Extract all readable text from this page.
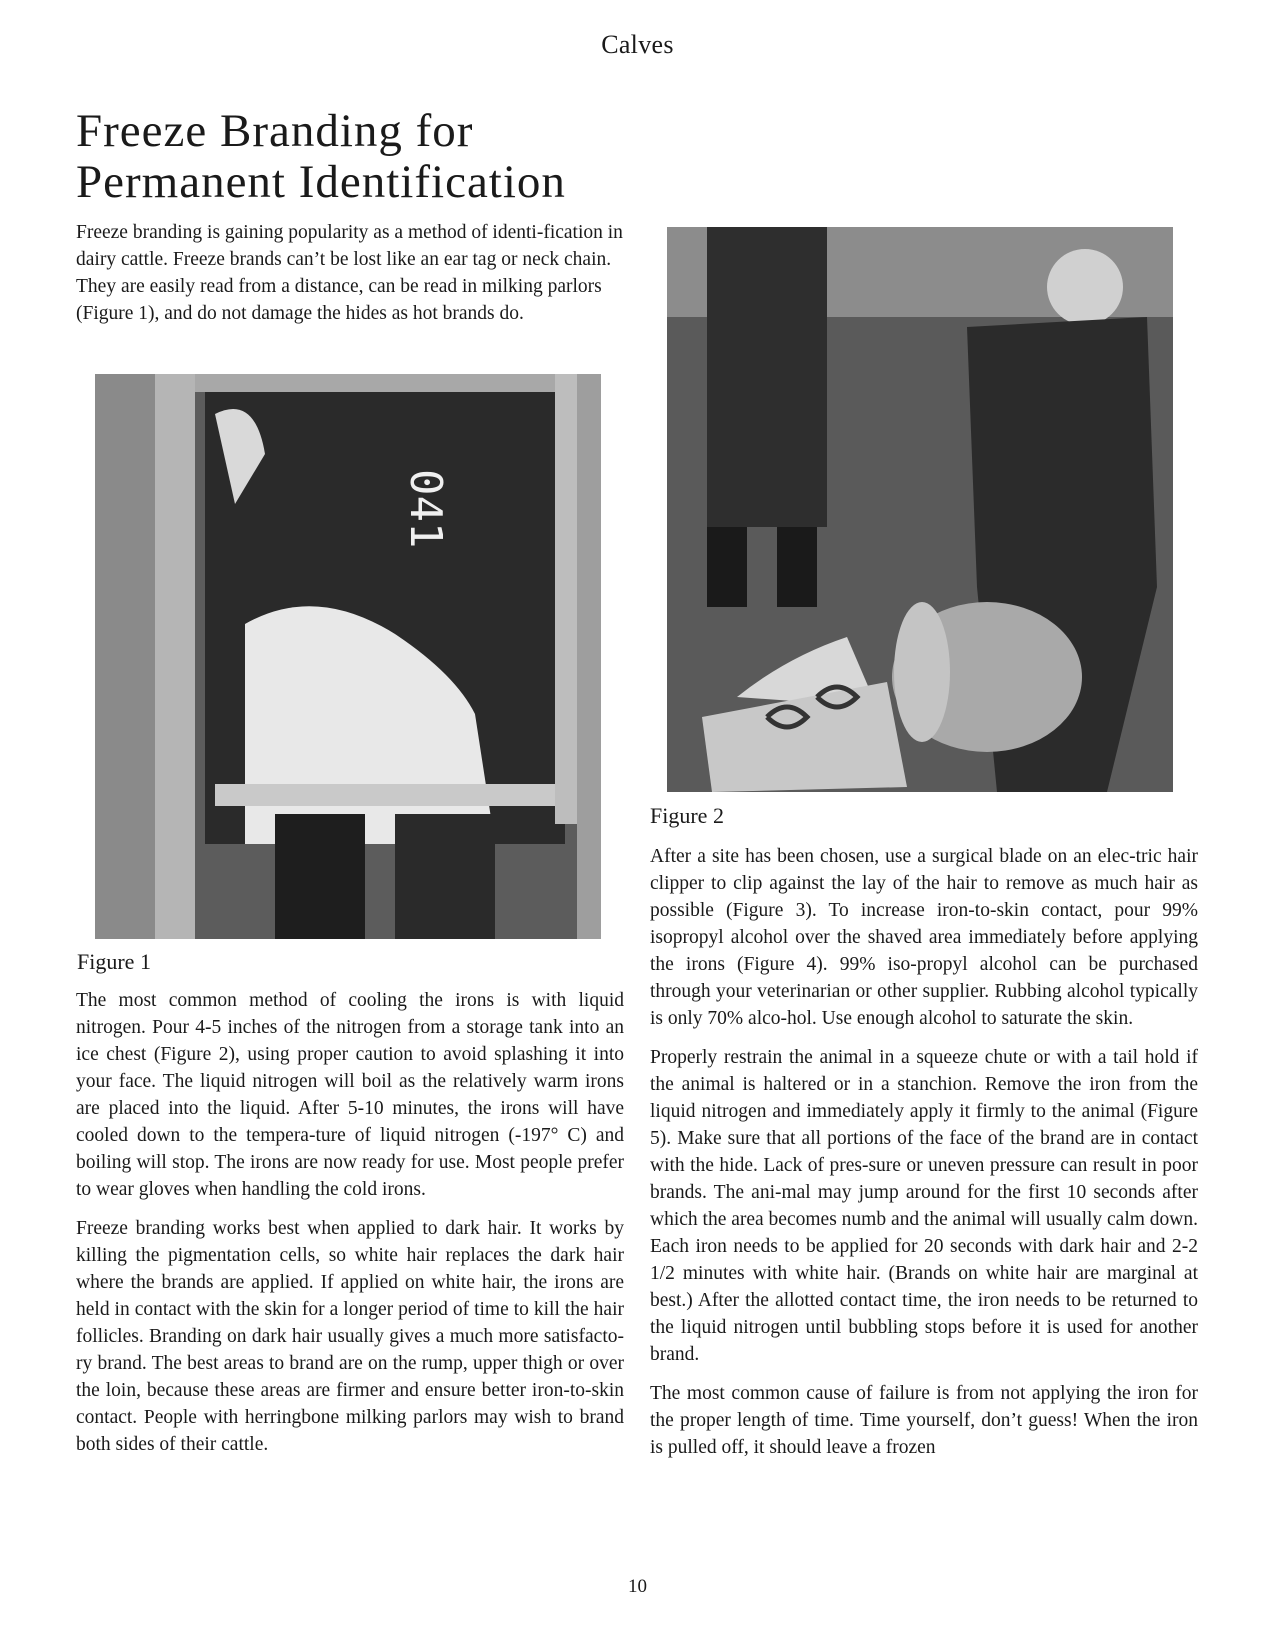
Calves
Freeze Branding for
Permanent Identification

Freeze branding is gaining popularity as a method of identi-fication in dairy cattle. Freeze brands can’t be lost like an ear tag or neck chain. They are easily read from a distance, can be read in milking parlors (Figure 1), and do not damage the hides as hot brands do.

041
Figure 1
Figure 2

The most common method of cooling the irons is with liquid nitrogen. Pour 4-5 inches of the nitrogen from a storage tank into an ice chest (Figure 2), using proper caution to avoid splashing it into your face. The liquid nitrogen will boil as the relatively warm irons are placed into the liquid. After 5-10 minutes, the irons will have cooled down to the tempera-ture of liquid nitrogen (-197° C) and boiling will stop. The irons are now ready for use. Most people prefer to wear gloves when handling the cold irons.

Freeze branding works best when applied to dark hair. It works by killing the pigmentation cells, so white hair replaces the dark hair where the brands are applied. If applied on white hair, the irons are held in contact with the skin for a longer period of time to kill the hair follicles. Branding on dark hair usually gives a much more satisfacto-ry brand. The best areas to brand are on the rump, upper thigh or over the loin, because these areas are firmer and ensure better iron-to-skin contact. People with herringbone milking parlors may wish to brand both sides of their cattle.

After a site has been chosen, use a surgical blade on an elec-tric hair clipper to clip against the lay of the hair to remove as much hair as possible (Figure 3). To increase iron-to-skin contact, pour 99% isopropyl alcohol over the shaved area immediately before applying the irons (Figure 4). 99% iso-propyl alcohol can be purchased through your veterinarian or other supplier. Rubbing alcohol typically is only 70% alco-hol. Use enough alcohol to saturate the skin.

Properly restrain the animal in a squeeze chute or with a tail hold if the animal is haltered or in a stanchion. Remove the iron from the liquid nitrogen and immediately apply it firmly to the animal (Figure 5). Make sure that all portions of the face of the brand are in contact with the hide. Lack of pres-sure or uneven pressure can result in poor brands. The ani-mal may jump around for the first 10 seconds after which the area becomes numb and the animal will usually calm down. Each iron needs to be applied for 20 seconds with dark hair and 2-2 1/2 minutes with white hair. (Brands on white hair are marginal at best.) After the allotted contact time, the iron needs to be returned to the liquid nitrogen until bubbling stops before it is used for another brand.

The most common cause of failure is from not applying the iron for the proper length of time. Time yourself, don’t guess! When the iron is pulled off, it should leave a frozen

10
